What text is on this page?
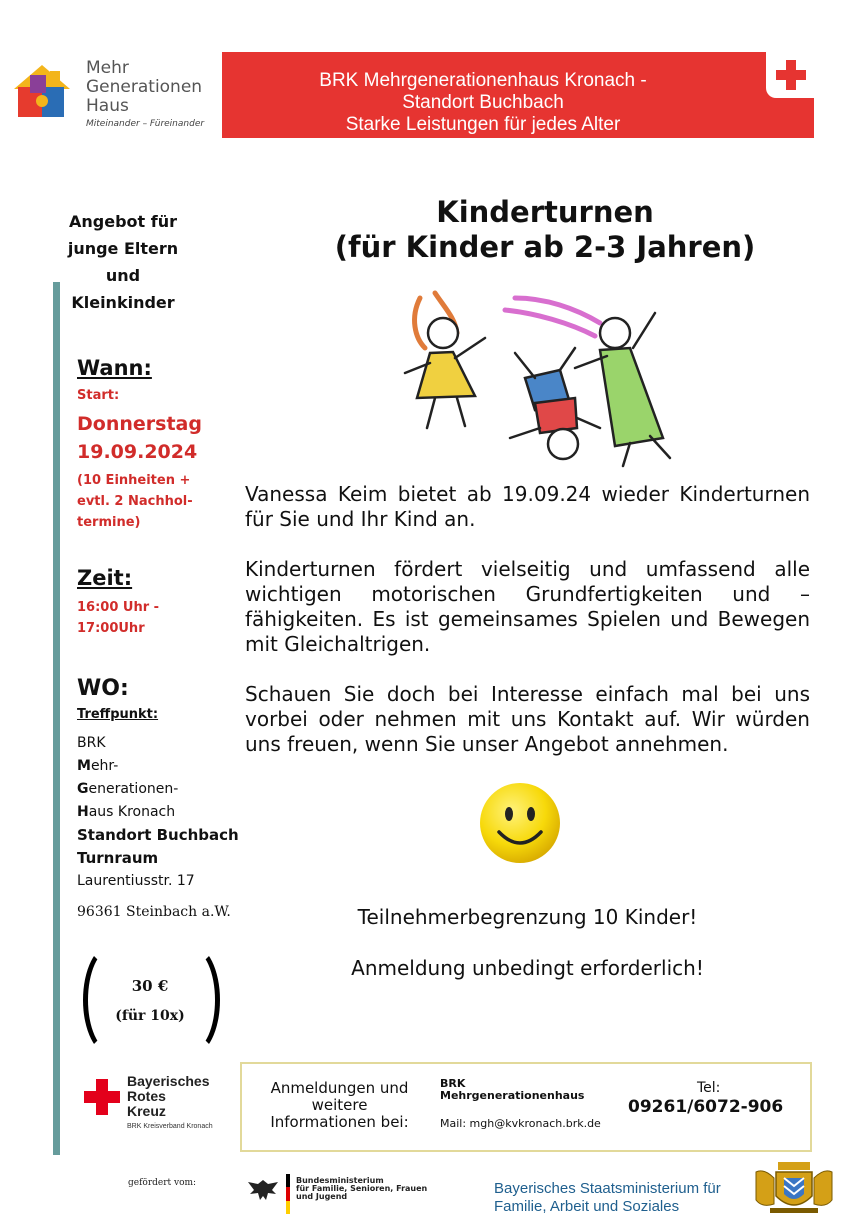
Mehr
Generationen
Haus
Miteinander – Füreinander
BRK Mehrgenerationenhaus Kronach -
Standort Buchbach
Starke Leistungen für jedes Alter
Angebot für
junge Eltern
und
Kleinkinder
Wann:
Start:
Donnerstag
19.09.2024
(10 Einheiten +
evtl. 2 Nachhol-
termine)
Zeit:
16:00 Uhr -
17:00Uhr
WO:
Treffpunkt:
BRK
Mehr-
Generationen-
Haus Kronach
Standort Buchbach
Turnraum
Laurentiusstr. 17
96361 Steinbach a.W.
30 €
(für 10x)
Bayerisches
Rotes
Kreuz
BRK Kreisverband Kronach
Kinderturnen
(für Kinder ab 2-3 Jahren)
Vanessa Keim bietet ab 19.09.24 wieder Kinderturnen für Sie und Ihr Kind an.
Kinderturnen fördert vielseitig und umfassend alle wichtigen motorischen Grundfertigkeiten und –fähigkeiten. Es ist gemeinsames Spielen und Bewegen mit Gleichaltrigen.
Schauen Sie doch bei Interesse einfach mal bei uns vorbei oder nehmen mit uns Kontakt auf. Wir würden uns freuen, wenn Sie unser Angebot annehmen.
Teilnehmerbegrenzung 10 Kinder!
Anmeldung unbedingt erforderlich!
Anmeldungen und
weitere
Informationen bei:
BRK
Mehrgenerationenhaus
Mail: mgh@kvkronach.brk.de
Tel:
09261/6072-906
gefördert vom:	Bundesministerium
für Familie, Senioren, Frauen
und Jugend	Bayerisches Staatsministerium für
Familie, Arbeit und Soziales
